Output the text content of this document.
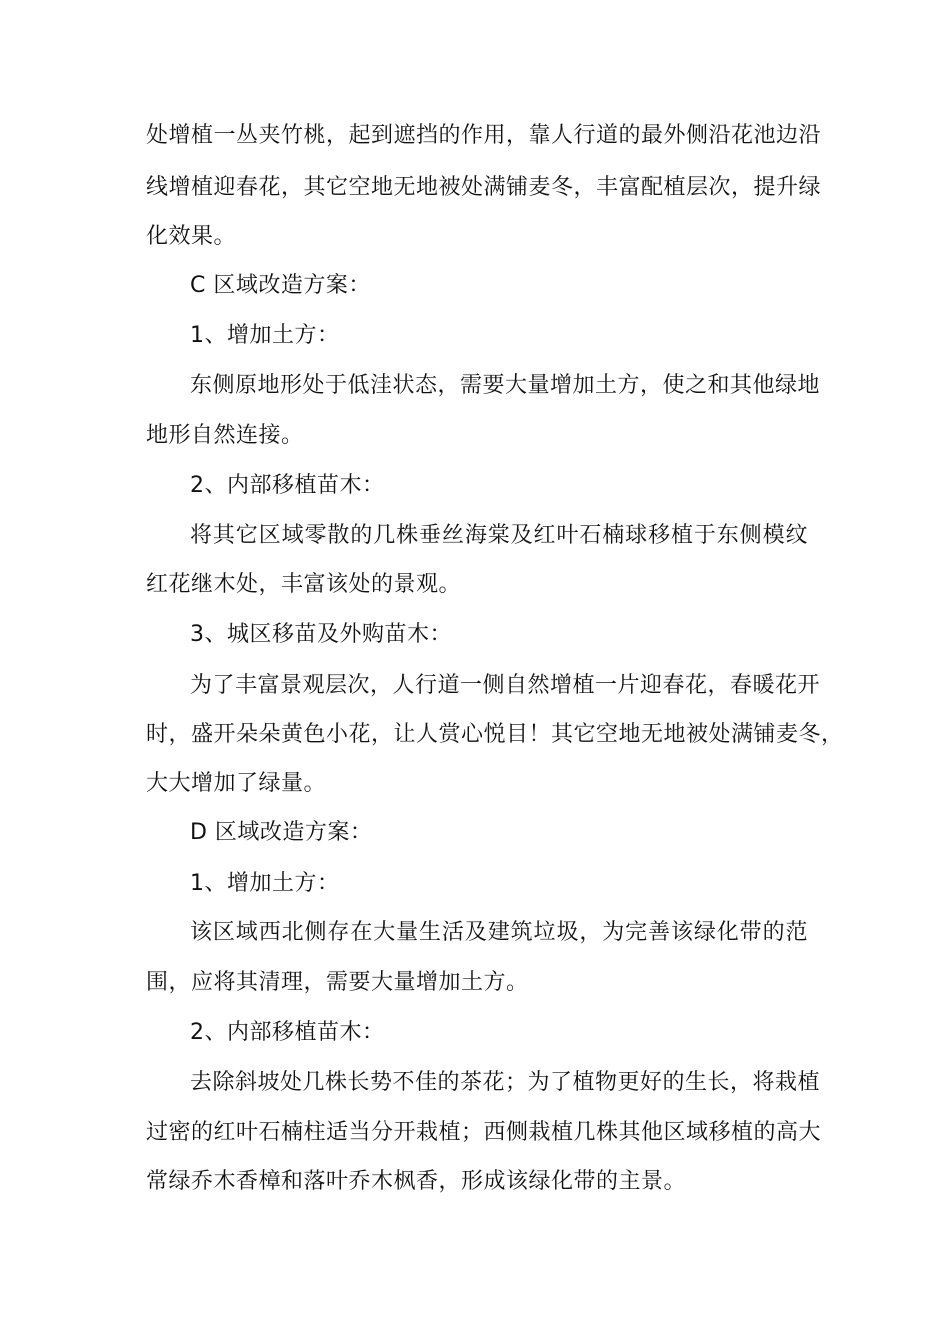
处增植一丛夹竹桃，起到遮挡的作用，靠人行道的最外侧沿花池边沿
线增植迎春花，其它空地无地被处满铺麦冬，丰富配植层次，提升绿
化效果。
C 区域改造方案：
1、增加土方：
东侧原地形处于低洼状态，需要大量增加土方，使之和其他绿地
地形自然连接。
2、内部移植苗木：
将其它区域零散的几株垂丝海棠及红叶石楠球移植于东侧模纹
红花继木处，丰富该处的景观。
3、城区移苗及外购苗木：
为了丰富景观层次，人行道一侧自然增植一片迎春花，春暖花开
时，盛开朵朵黄色小花，让人赏心悦目！其它空地无地被处满铺麦冬，
大大增加了绿量。
D 区域改造方案：
1、增加土方：
该区域西北侧存在大量生活及建筑垃圾，为完善该绿化带的范
围，应将其清理，需要大量增加土方。
2、内部移植苗木：
去除斜坡处几株长势不佳的茶花；为了植物更好的生长，将栽植
过密的红叶石楠柱适当分开栽植；西侧栽植几株其他区域移植的高大
常绿乔木香樟和落叶乔木枫香，形成该绿化带的主景。
